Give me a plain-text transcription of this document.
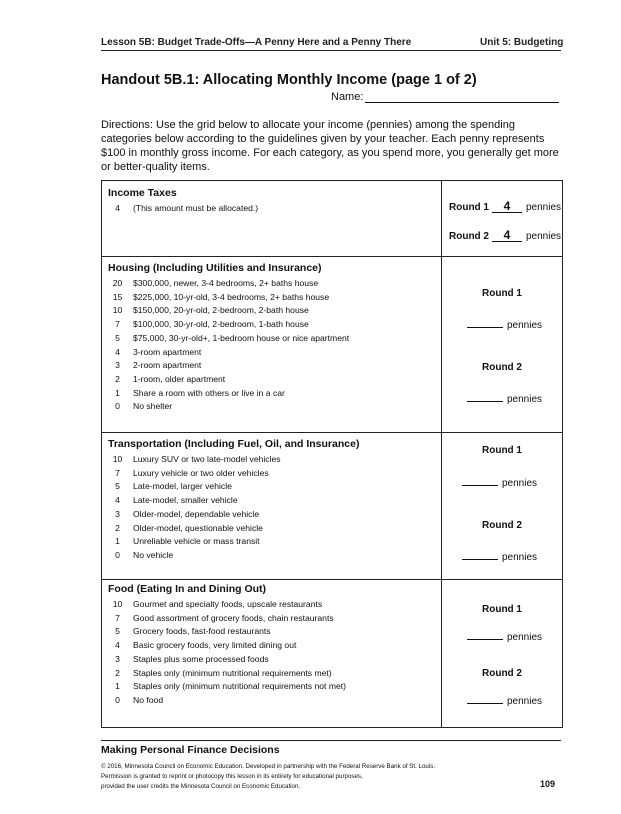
Lesson 5B: Budget Trade-Offs—A Penny Here and a Penny There	Unit 5: Budgeting
Handout 5B.1: Allocating Monthly Income (page 1 of 2)
Name:
Directions: Use the grid below to allocate your income (pennies) among the spending categories below according to the guidelines given by your teacher. Each penny represents $100 in monthly gross income. For each category, as you spend more, you generally get more or better-quality items.
Income Taxes
4	(This amount must be allocated.)	Round 1 4 pennies
Round 2 4 pennies
Housing (Including Utilities and Insurance)
20	$300,000, newer, 3-4 bedrooms, 2+ baths house
15	$225,000, 10-yr-old, 3-4 bedrooms, 2+ baths house
10	$150,000, 20-yr-old, 2-bedroom, 2-bath house
7	$100,000, 30-yr-old, 2-bedroom, 1-bath house
5	$75,000, 30-yr-old+, 1-bedroom house or nice apartment
4	3-room apartment
3	2-room apartment
2	1-room, older apartment
1	Share a room with others or live in a car
0	No shelter
Round 1
pennies
Round 2
pennies
Transportation (Including Fuel, Oil, and Insurance)
10	Luxury SUV or two late-model vehicles
7	Luxury vehicle or two older vehicles
5	Late-model, larger vehicle
4	Late-model, smaller vehicle
3	Older-model, dependable vehicle
2	Older-model, questionable vehicle
1	Unreliable vehicle or mass transit
0	No vehicle
Round 1
pennies
Round 2
pennies
Food (Eating In and Dining Out)
10	Gourmet and specialty foods, upscale restaurants
7	Good assortment of grocery foods, chain restaurants
5	Grocery foods, fast-food restaurants
4	Basic grocery foods, very limited dining out
3	Staples plus some processed foods
2	Staples only (minimum nutritional requirements met)
1	Staples only (minimum nutritional requirements not met)
0	No food
Round 1
pennies
Round 2
pennies
Making Personal Finance Decisions
© 2016, Minnesota Council on Economic Education. Developed in partnership with the Federal Reserve Bank of St. Louis.
Permission is granted to reprint or photocopy this lesson in its entirety for educational purposes,
provided the user credits the Minnesota Council on Economic Education.	109
